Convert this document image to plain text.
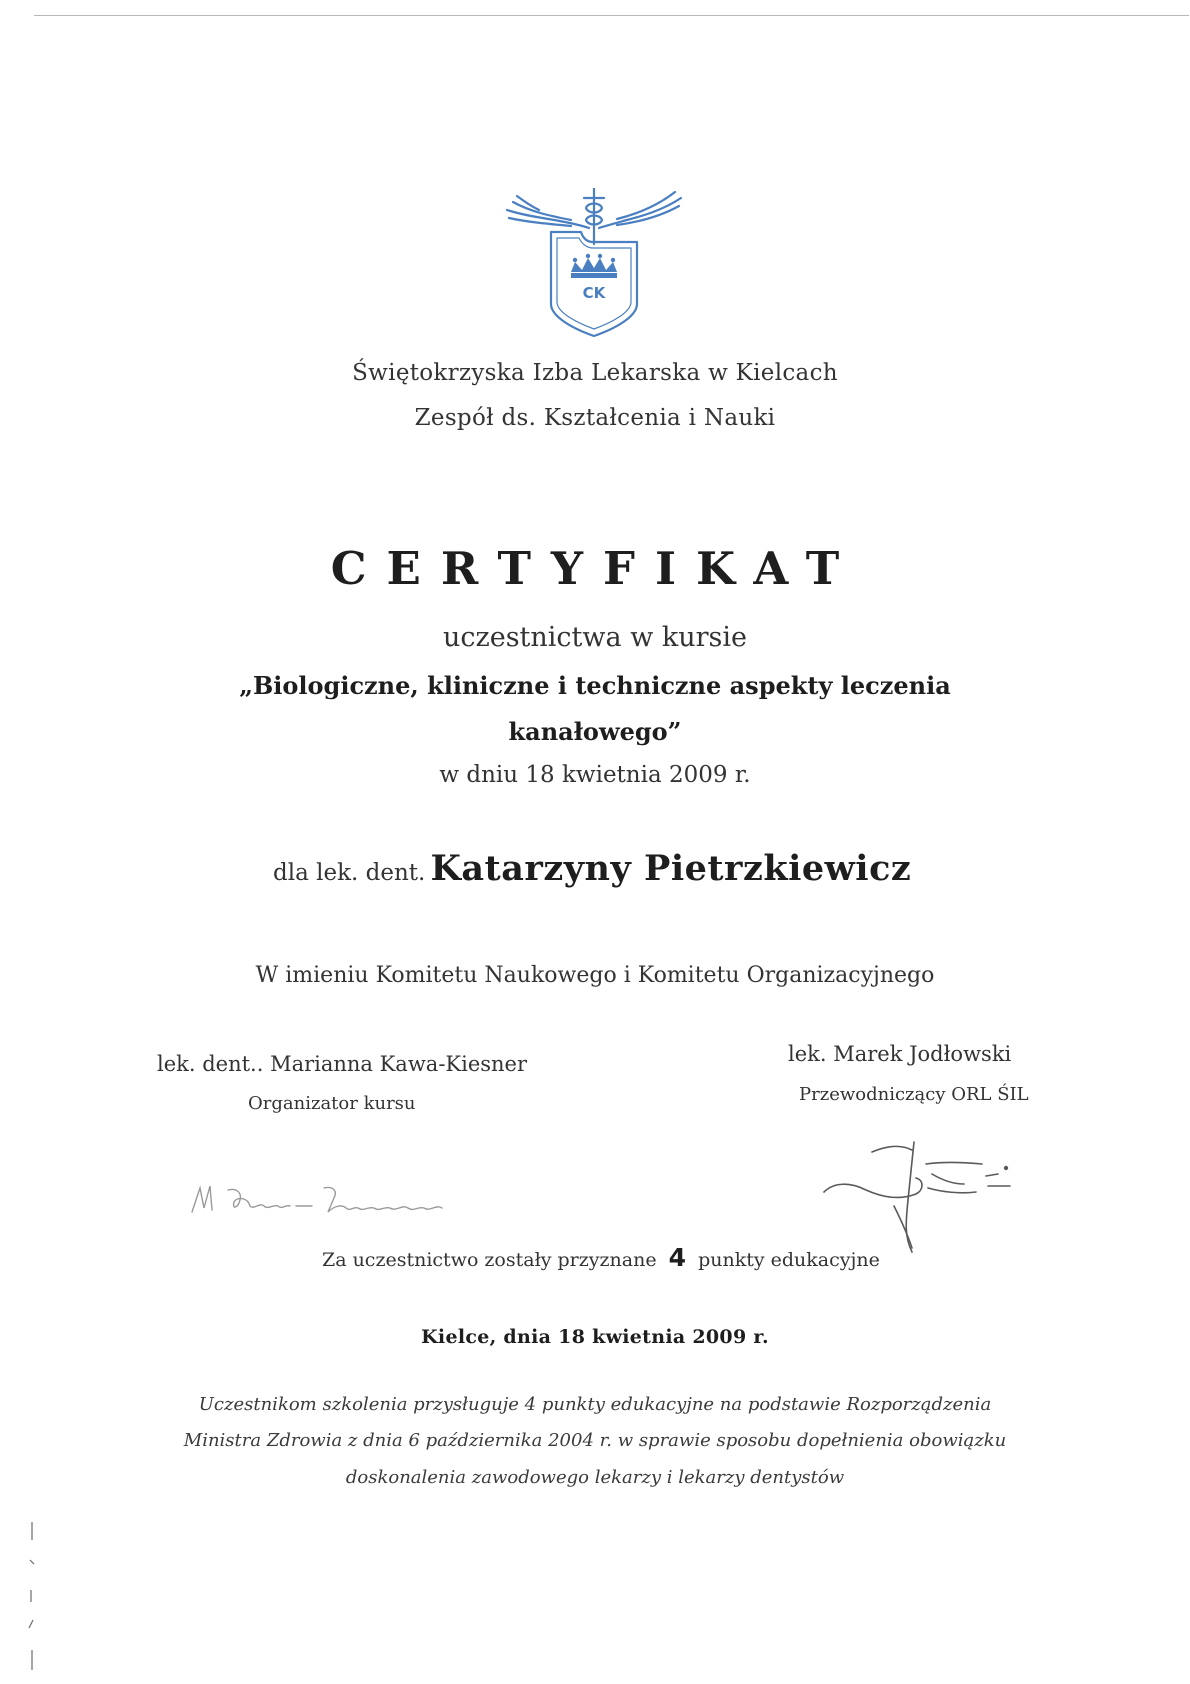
CK
Świętokrzyska Izba Lekarska w Kielcach
Zespół ds. Kształcenia i Nauki
CERTYFIKAT
uczestnictwa w kursie
„Biologiczne, kliniczne i techniczne aspekty leczenia
kanałowego”
w dniu 18 kwietnia 2009 r.
dla lek. dent. Katarzyny Pietrzkiewicz
W imieniu Komitetu Naukowego i Komitetu Organizacyjnego
lek. dent.. Marianna Kawa-Kiesner
Organizator kursu
lek. Marek Jodłowski
Przewodniczący ORL ŚIL
Za uczestnictwo zostały przyznane 4 punkty edukacyjne
Kielce, dnia 18 kwietnia 2009 r.
Uczestnikom szkolenia przysługuje 4 punkty edukacyjne na podstawie Rozporządzenia
Ministra Zdrowia z dnia 6 października 2004 r. w sprawie sposobu dopełnienia obowiązku
doskonalenia zawodowego lekarzy i lekarzy dentystów
